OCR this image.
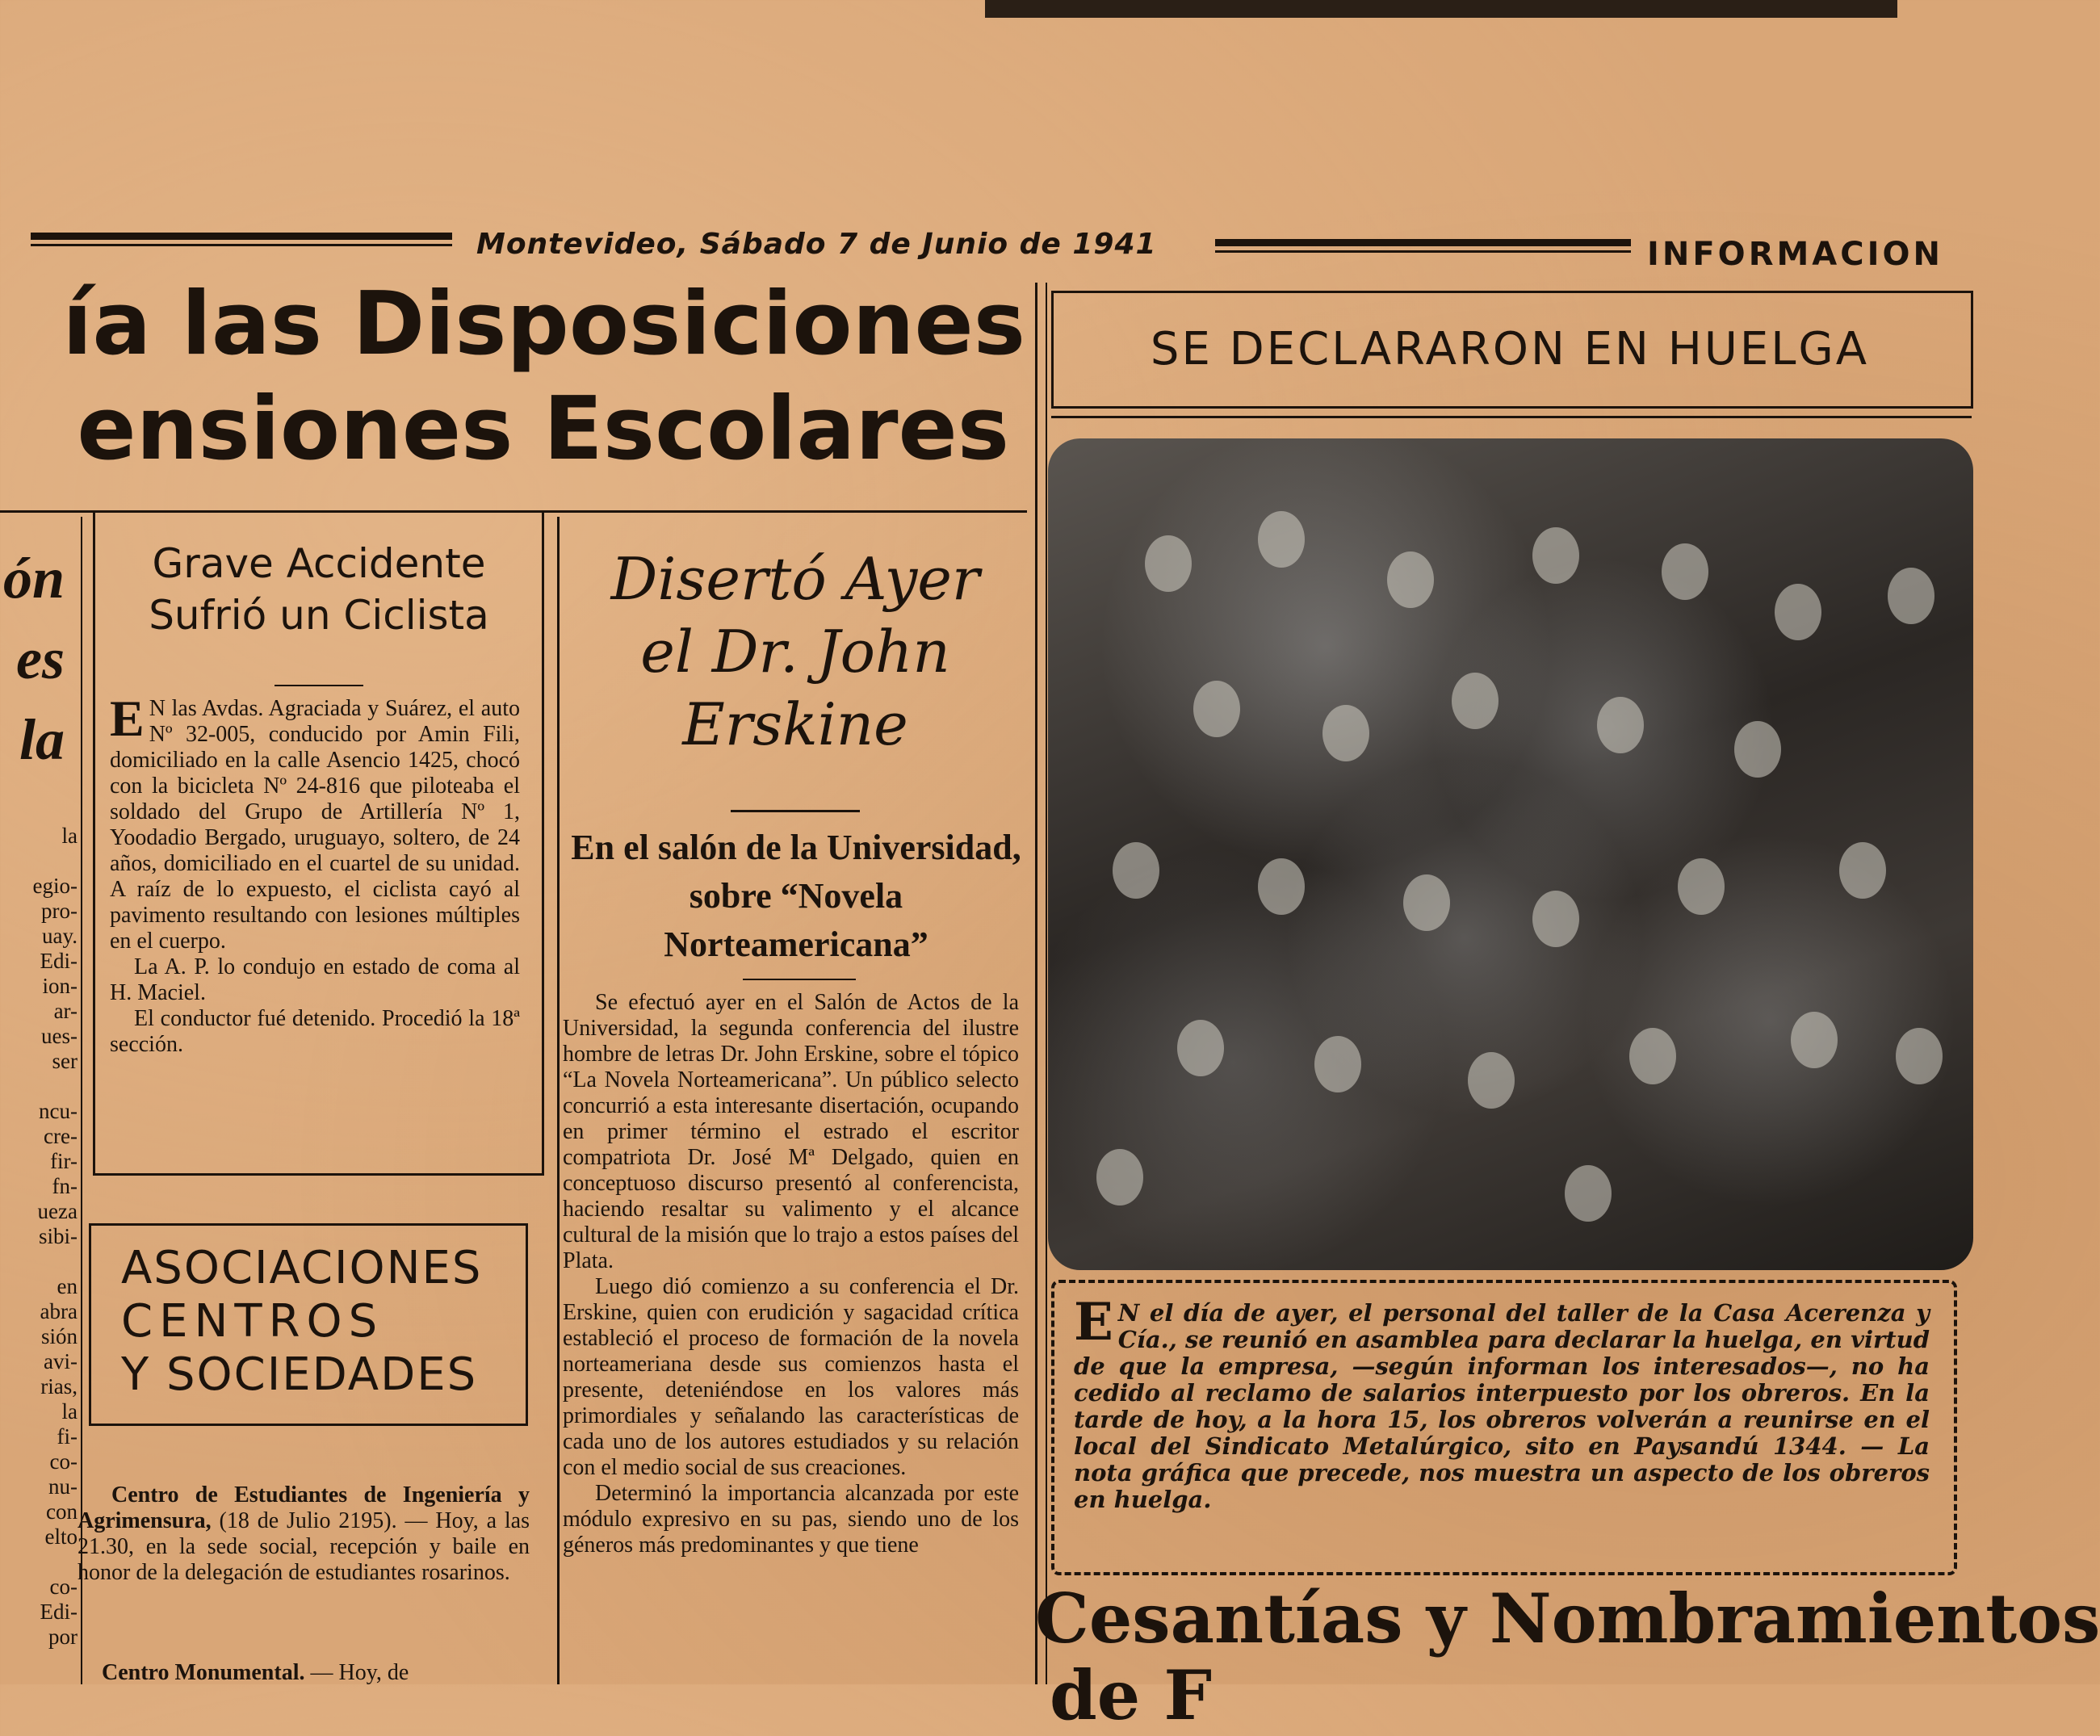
Montevideo, Sábado 7 de Junio de 1941	INFORMACION
ía las Disposiciones
ensiones Escolares
ón
es
la
la

egio-
pro-
uay.
Edi-
ion-
ar-
ues-
ser

ncu-
cre-
fir-
fn-
ueza
sibi-

en
abra
sión
avi-
rias,
la
fi-
co-
nu-
con
elto

co-
Edi-
por
Grave Accidente
Sufrió un Ciclista
E N las Avdas. Agraciada y Suárez, el auto Nº 32-005, conducido por Amin Fili, domiciliado en la calle Asencio 1425, chocó con la bicicleta Nº 24-816 que piloteaba el soldado del Grupo de Artillería Nº 1, Yoodadio Bergado, uruguayo, soltero, de 24 años, domiciliado en el cuartel de su unidad. A raíz de lo expuesto, el ciclista cayó al pavimento resultando con lesiones múltiples en el cuerpo.
La A. P. lo condujo en estado de coma al H. Maciel.
El conductor fué detenido. Procedió la 18ª sección.
ASOCIACIONES
CENTROS
Y SOCIEDADES
Centro de Estudiantes de Ingeniería y Agrimensura, (18 de Julio 2195). — Hoy, a las 21.30, en la sede social, recepción y baile en honor de la delegación de estudiantes rosarinos.
Centro Monumental. — Hoy, de
Disertó Ayer
el Dr. John
Erskine
En el salón de la Universidad, sobre “Novela Norteamericana”
Se efectuó ayer en el Salón de Actos de la Universidad, la segunda conferencia del ilustre hombre de letras Dr. John Erskine, sobre el tópico “La Novela Norteamericana”. Un público selecto concurrió a esta interesante disertación, ocupando en primer término el estrado el escritor compatriota Dr. José Mª Delgado, quien en conceptuoso discurso presentó al conferencista, haciendo resaltar su valimento y el alcance cultural de la misión que lo trajo a estos países del Plata.
Luego dió comienzo a su conferencia el Dr. Erskine, quien con erudición y sagacidad crítica estableció el proceso de formación de la novela norteameriana desde sus comienzos hasta el presente, deteniéndose en los valores más primordiales y señalando las características de cada uno de los autores estudiados y su relación con el medio social de sus creaciones.
Determinó la importancia alcanzada por este módulo expresivo en su pas, siendo uno de los géneros más predominantes y que tiene
SE DECLARARON EN HUELGA
E N el día de ayer, el personal del taller de la Casa Acerenza y Cía., se reunió en asamblea para declarar la huelga, en virtud de que la empresa, —según informan los interesados—, no ha cedido al reclamo de salarios interpuesto por los obreros. En la tarde de hoy, a la hora 15, los obreros volverán a reunirse en el local del Sindicato Metalúrgico, sito en Paysandú 1344. — La nota gráfica que precede, nos muestra un aspecto de los obreros en huelga.
Cesantías y Nombramientos
de F
